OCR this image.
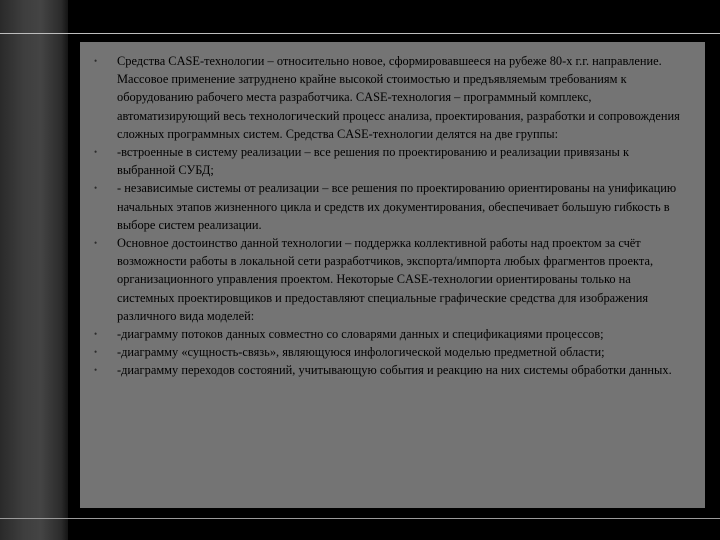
• Средства CASE-технологии – относительно новое, сформировавшееся на рубеже 80-х г.г. направление. Массовое применение затруднено крайне высокой стоимостью и предъявляемым требованиям к оборудованию рабочего места разработчика. CASE-технология – программный комплекс, автоматизирующий весь технологический процесс анализа, проектирования, разработки и сопровождения сложных программных систем. Средства CASE-технологии делятся на две группы:
• -встроенные в систему реализации – все решения по проектированию и реализации привязаны к выбранной СУБД;
• - независимые системы от реализации – все решения по проектированию ориентированы на унификацию начальных этапов жизненного цикла и средств их документирования, обеспечивает большую гибкость в выборе систем реализации.
• Основное достоинство данной технологии – поддержка коллективной работы над проектом за счёт возможности работы в локальной сети разработчиков, экспорта/импорта любых фрагментов проекта, организационного управления проектом. Некоторые CASE-технологии ориентированы только на системных проектировщиков и предоставляют специальные графические средства для изображения различного вида моделей:
• -диаграмму потоков данных совместно со словарями данных и спецификациями процессов;
• -диаграмму «сущность-связь», являющуюся инфологической моделью предметной области;
• -диаграмму переходов состояний, учитывающую события и реакцию на них системы обработки данных.
